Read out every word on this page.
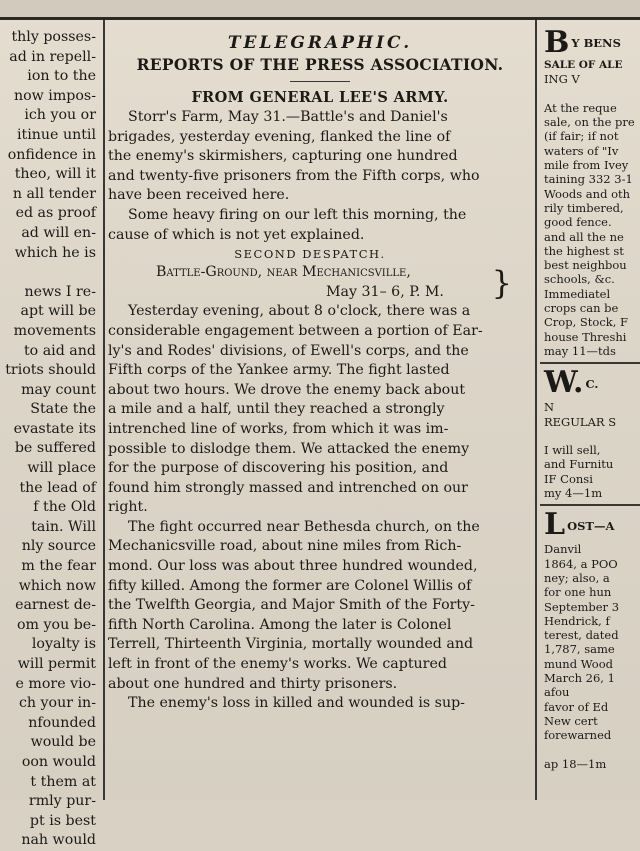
thly posses-
ad in repell-
ion to the
now impos-
ich you or
itinue until
onfidence in
theo, will it
n all tender
ed as proof
ad will en-
which he is
news I re-
apt will be
movements
to aid and
triots should
may count
State the
evastate its
be suffered
will place
the lead of
f the Old
tain. Will
nly source
m the fear
which now
earnest de-
om you be-
loyalty is
will permit
e more vio-
ch your in-
nfounded
would be
oon would
t them at
rmly pur-
pt is best
nah would
TELEGRAPHIC.
REPORTS OF THE PRESS ASSOCIATION.
FROM GENERAL LEE'S ARMY.
Storr's Farm, May 31.—Battle's and Daniel's
brigades, yesterday evening, flanked the line of
the enemy's skirmishers, capturing one hundred
and twenty-five prisoners from the Fifth corps, who
have been received here.
Some heavy firing on our left this morning, the
cause of which is not yet explained.
SECOND DESPATCH.
Battle-Ground, near Mechanicsville,
May 31– 6, P. M.	}
Yesterday evening, about 8 o'clock, there was a
considerable engagement between a portion of Ear-
ly's and Rodes' divisions, of Ewell's corps, and the
Fifth corps of the Yankee army. The fight lasted
about two hours. We drove the enemy back about
a mile and a half, until they reached a strongly
intrenched line of works, from which it was im-
possible to dislodge them. We attacked the enemy
for the purpose of discovering his position, and
found him strongly massed and intrenched on our
right.
The fight occurred near Bethesda church, on the
Mechanicsville road, about nine miles from Rich-
mond. Our loss was about three hundred wounded,
fifty killed. Among the former are Colonel Willis of
the Twelfth Georgia, and Major Smith of the Forty-
fifth North Carolina. Among the later is Colonel
Terrell, Thirteenth Virginia, mortally wounded and
left in front of the enemy's works. We captured
about one hundred and thirty prisoners.
The enemy's loss in killed and wounded is sup-
B Y BENS
SALE OF ALE
ING V
At the reque
sale, on the pre
(if fair; if not
waters of "Iv
mile from Ivey
taining 332 3-1
Woods and oth
rily timbered,
good fence.
and all the ne
the highest st
best neighbou
schools, &c.
Immediatel
crops can be
Crop, Stock, F
house Threshi
may 11—tds
W. C.
N
REGULAR S
I will sell,
and Furnitu
IF Consi
my 4—1m
LOST—A
Danvil
1864, a POO
ney; also, a
for one hun
September 3
Hendrick, f
terest, dated
1,787, same
mund Wood
March 26, 1
afou
favor of Ed
New cert
forewarned
ap 18—1m
